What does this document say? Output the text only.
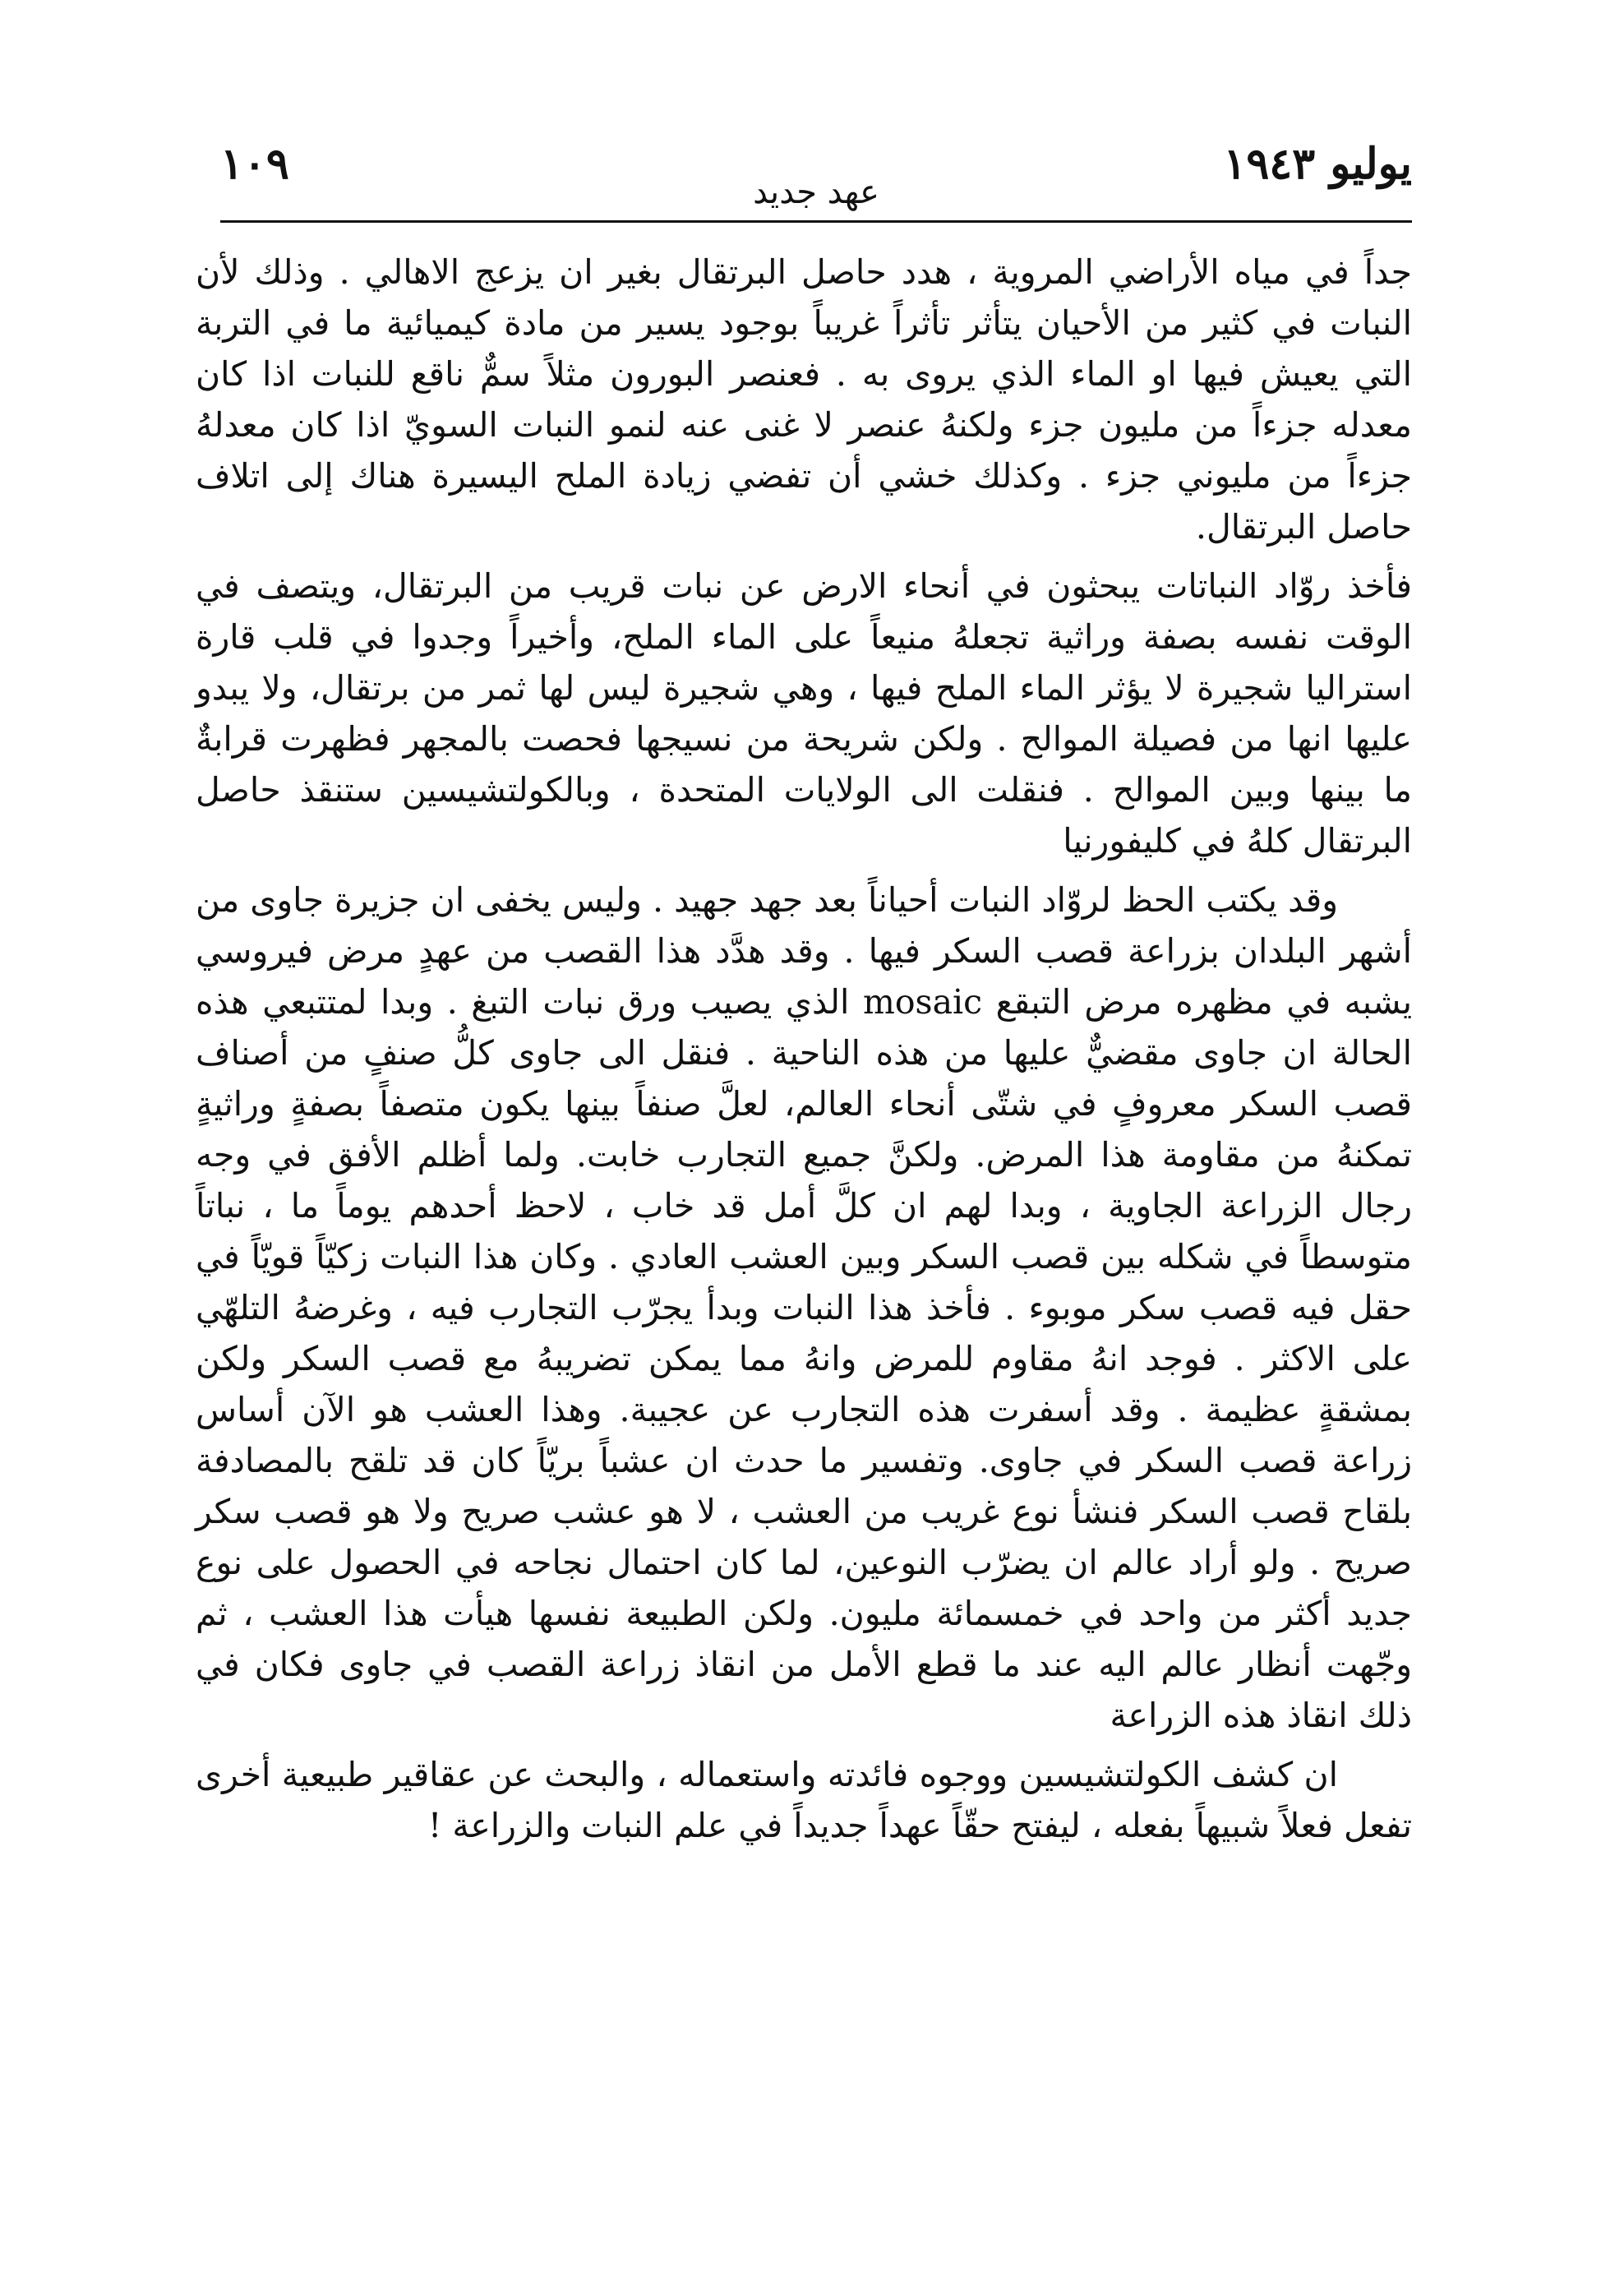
يوليو ١٩٤٣
عهد جديد
١٠٩

جداً في مياه الأراضي المروية ، هدد حاصل البرتقال بغير ان يزعج الاهالي . وذلك لأن النبات في كثير من الأحيان يتأثر تأثراً غريباً بوجود يسير من مادة كيميائية ما في التربة التي يعيش فيها او الماء الذي يروى به . فعنصر البورون مثلاً سمٌّ ناقع للنبات اذا كان معدله جزءاً من مليون جزء ولكنهُ عنصر لا غنى عنه لنمو النبات السويّ اذا كان معدلهُ جزءاً من مليوني جزء . وكذلك خشي أن تفضي زيادة الملح اليسيرة هناك إلى اتلاف حاصل البرتقال.

فأخذ روّاد النباتات يبحثون في أنحاء الارض عن نبات قريب من البرتقال، ويتصف في الوقت نفسه بصفة وراثية تجعلهُ منيعاً على الماء الملح، وأخيراً وجدوا في قلب قارة استراليا شجيرة لا يؤثر الماء الملح فيها ، وهي شجيرة ليس لها ثمر من برتقال، ولا يبدو عليها انها من فصيلة الموالح . ولكن شريحة من نسيجها فحصت بالمجهر فظهرت قرابةٌ ما بينها وبين الموالح . فنقلت الى الولايات المتحدة ، وبالكولتشيسين ستنقذ حاصل البرتقال كلهُ في كليفورنيا

وقد يكتب الحظ لروّاد النبات أحياناً بعد جهد جهيد . وليس يخفى ان جزيرة جاوى من أشهر البلدان بزراعة قصب السكر فيها . وقد هدَّد هذا القصب من عهدٍ مرض فيروسي يشبه في مظهره مرض التبقع mosaic الذي يصيب ورق نبات التبغ . وبدا لمتتبعي هذه الحالة ان جاوى مقضيٌّ عليها من هذه الناحية . فنقل الى جاوى كلُّ صنفٍ من أصناف قصب السكر معروفٍ في شتّى أنحاء العالم، لعلَّ صنفاً بينها يكون متصفاً بصفةٍ وراثيةٍ تمكنهُ من مقاومة هذا المرض. ولكنَّ جميع التجارب خابت. ولما أظلم الأفق في وجه رجال الزراعة الجاوية ، وبدا لهم ان كلَّ أمل قد خاب ، لاحظ أحدهم يوماً ما ، نباتاً متوسطاً في شكله بين قصب السكر وبين العشب العادي . وكان هذا النبات زكيّاً قويّاً في حقل فيه قصب سكر موبوء . فأخذ هذا النبات وبدأ يجرّب التجارب فيه ، وغرضهُ التلهّي على الاكثر . فوجد انهُ مقاوم للمرض وانهُ مما يمكن تضريبهُ مع قصب السكر ولكن بمشقةٍ عظيمة . وقد أسفرت هذه التجارب عن عجيبة. وهذا العشب هو الآن أساس زراعة قصب السكر في جاوى. وتفسير ما حدث ان عشباً بريّاً كان قد تلقح بالمصادفة بلقاح قصب السكر فنشأ نوع غريب من العشب ، لا هو عشب صريح ولا هو قصب سكر صريح . ولو أراد عالم ان يضرّب النوعين، لما كان احتمال نجاحه في الحصول على نوع جديد أكثر من واحد في خمسمائة مليون. ولكن الطبيعة نفسها هيأت هذا العشب ، ثم وجّهت أنظار عالم اليه عند ما قطع الأمل من انقاذ زراعة القصب في جاوى فكان في ذلك انقاذ هذه الزراعة

ان كشف الكولتشيسين ووجوه فائدته واستعماله ، والبحث عن عقاقير طبيعية أخرى تفعل فعلاً شبيهاً بفعله ، ليفتح حقّاً عهداً جديداً في علم النبات والزراعة !
